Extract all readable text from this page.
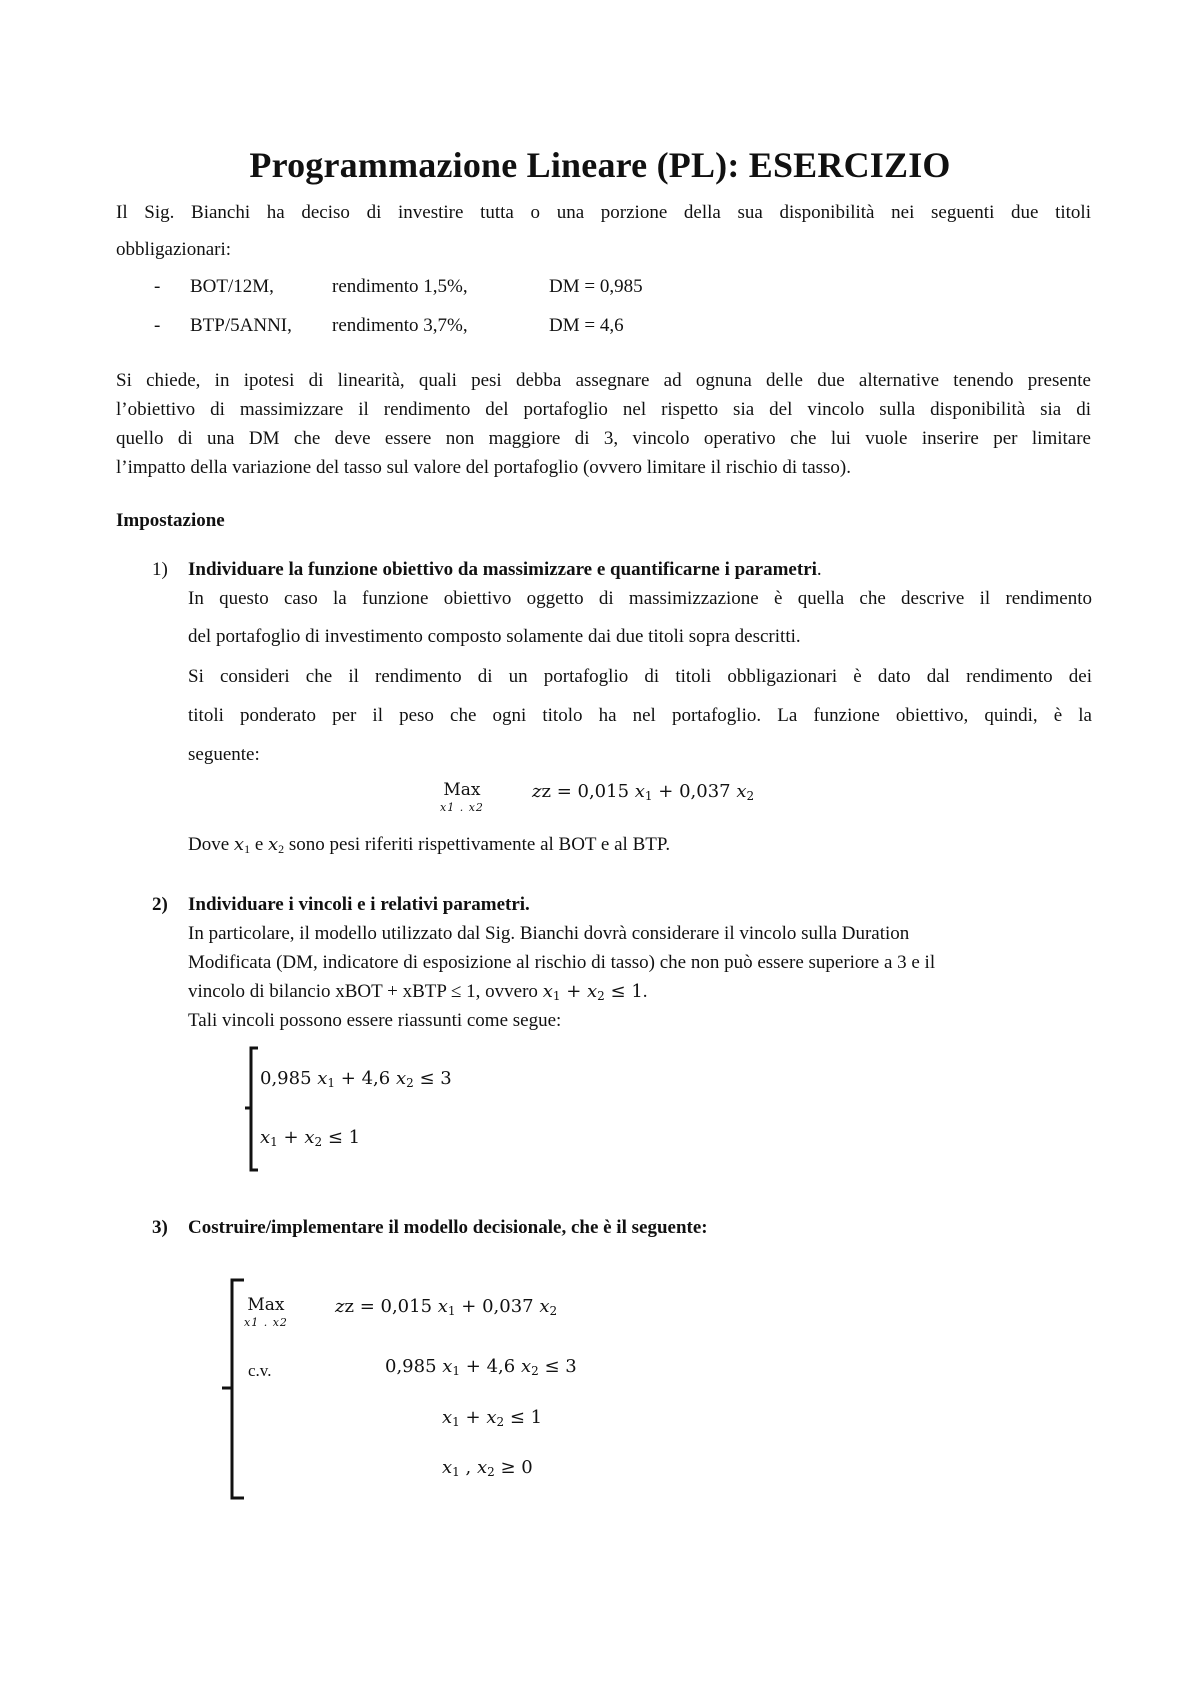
Programmazione Lineare (PL): ESERCIZIO
Il Sig. Bianchi ha deciso di investire tutta o una porzione della sua disponibilità nei seguenti due titoli
obbligazionari:
- BOT/12M,	rendimento 1,5%,	DM = 0,985
- BTP/5ANNI, rendimento 3,7%,	DM = 4,6
Si chiede, in ipotesi di linearità, quali pesi debba assegnare ad ognuna delle due alternative tenendo presente
l’obiettivo di massimizzare il rendimento del portafoglio nel rispetto sia del vincolo sulla disponibilità sia di
quello di una DM che deve essere non maggiore di 3, vincolo operativo che lui vuole inserire per limitare
l’impatto della variazione del tasso sul valore del portafoglio (ovvero limitare il rischio di tasso).
Impostazione
1) Individuare la funzione obiettivo da massimizzare e quantificarne i parametri.
In questo caso la funzione obiettivo oggetto di massimizzazione è quella che descrive il rendimento
del portafoglio di investimento composto solamente dai due titoli sopra descritti.
Si consideri che il rendimento di un portafoglio di titoli obbligazionari è dato dal rendimento dei
titoli ponderato per il peso che ogni titolo ha nel portafoglio. La funzione obiettivo, quindi, è la
seguente:
Max
x1 . x2
zz = 0,015 $x_1 + 0,037$ $x_2$
Dove $x_1$ e $x_2$ sono pesi riferiti rispettivamente al BOT e al BTP.
2) Individuare i vincoli e i relativi parametri.
In particolare, il modello utilizzato dal Sig. Bianchi dovrà considerare il vincolo sulla Duration
Modificata (DM, indicatore di esposizione al rischio di tasso) che non può essere superiore a 3 e il
vincolo di bilancio xBOT + xBTP ≤ 1, ovvero $x_1 + x_2 \le 1$.
Tali vincoli possono essere riassunti come segue:
0,985 $x_1 + 4,6$ $x_2 \le 3$
$x_1 + x_2 \le 1$
3) Costruire/implementare il modello decisionale, che è il seguente:
Max
x1 . x2
zz = 0,015 $x_1 + 0,037$ $x_2$
c.v.	0,985 $x_1 + 4,6$ $x_2 \le 3$
$x_1 + x_2 \le 1$
$x_1$ , $x_2 \ge 0$
